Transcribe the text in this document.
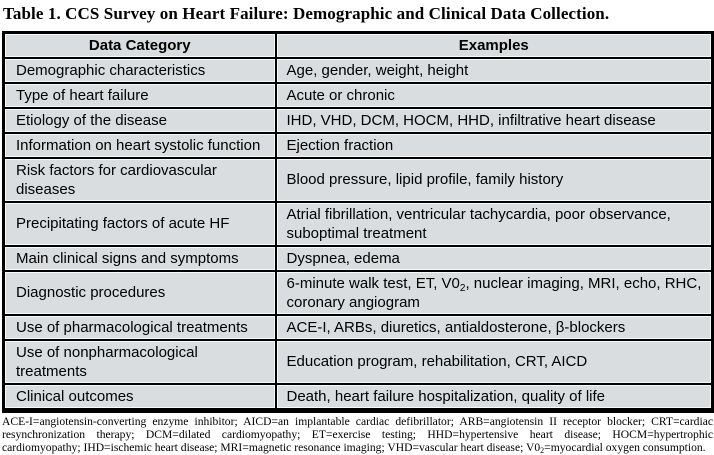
Table 1. CCS Survey on Heart Failure: Demographic and Clinical Data Collection.
Data Category	Examples
Demographic characteristics	Age, gender, weight, height
Type of heart failure	Acute or chronic
Etiology of the disease	IHD, VHD, DCM, HOCM, HHD, infiltrative heart disease
Information on heart systolic function	Ejection fraction
Risk factors for cardiovascular diseases	Blood pressure, lipid profile, family history
Precipitating factors of acute HF	Atrial fibrillation, ventricular tachycardia, poor observance, suboptimal treatment
Main clinical signs and symptoms	Dyspnea, edema
Diagnostic procedures	6-minute walk test, ET, $V0_2$, nuclear imaging, MRI, echo, RHC, coronary angiogram
Use of pharmacological treatments	ACE-I, ARBs, diuretics, antialdosterone, β-blockers
Use of nonpharmacological treatments	Education program, rehabilitation, CRT, AICD
Clinical outcomes	Death, heart failure hospitalization, quality of life
ACE-I=angiotensin-converting enzyme inhibitor; AICD=an implantable cardiac defibrillator; ARB=angiotensin II receptor blocker; CRT=cardiac resynchronization therapy; DCM=dilated cardiomyopathy; ET=exercise testing; HHD=hypertensive heart disease; HOCM=hypertrophic cardiomyopathy; IHD=ischemic heart disease; MRI=magnetic resonance imaging; VHD=vascular heart disease; $V0_2=myocardial$ oxygen consumption.
